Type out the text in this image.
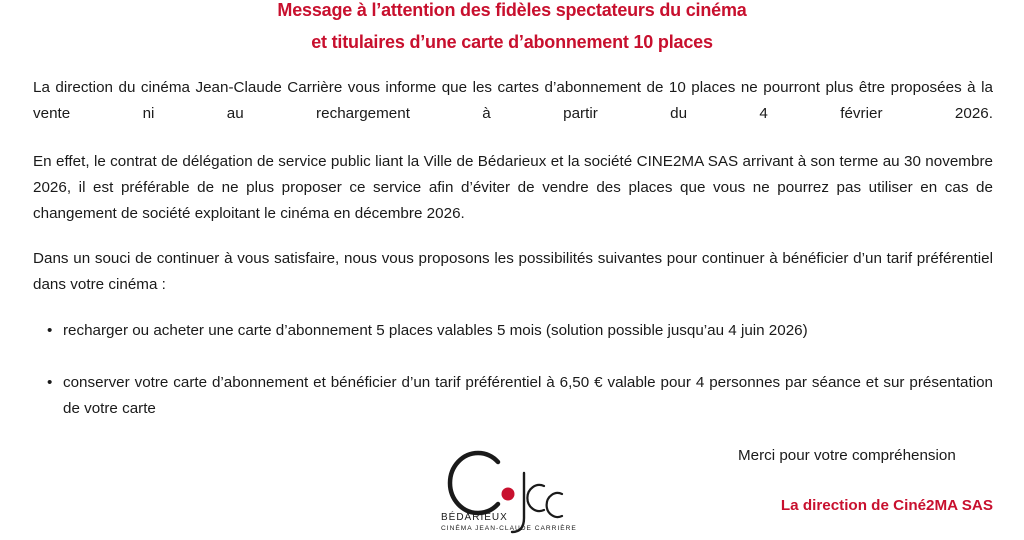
Message à l’attention des fidèles spectateurs du cinéma
et titulaires d’une carte d’abonnement 10 places
La direction du cinéma Jean-Claude Carrière vous informe que les cartes d’abonnement de 10 places ne pourront plus être proposées à la vente ni au rechargement à partir du 4 février 2026.
En effet, le contrat de délégation de service public liant la Ville de Bédarieux et la société CINE2MA SAS arrivant à son terme au 30 novembre 2026, il est préférable de ne plus proposer ce service afin d’éviter de vendre des places que vous ne pourrez pas utiliser en cas de changement de société exploitant le cinéma en décembre 2026.
Dans un souci de continuer à vous satisfaire, nous vous proposons les possibilités suivantes pour continuer à bénéficier d’un tarif préférentiel dans votre cinéma :
• recharger ou acheter une carte d’abonnement 5 places valables 5 mois (solution possible jusqu’au 4 juin 2026)
• conserver votre carte d’abonnement et bénéficier d’un tarif préférentiel à 6,50 € valable pour 4 personnes par séance et sur présentation de votre carte
BÉDARIEUX
CINÉMA JEAN-CLAUDE CARRIÈRE
Merci pour votre compréhension
La direction de Ciné2MA SAS
